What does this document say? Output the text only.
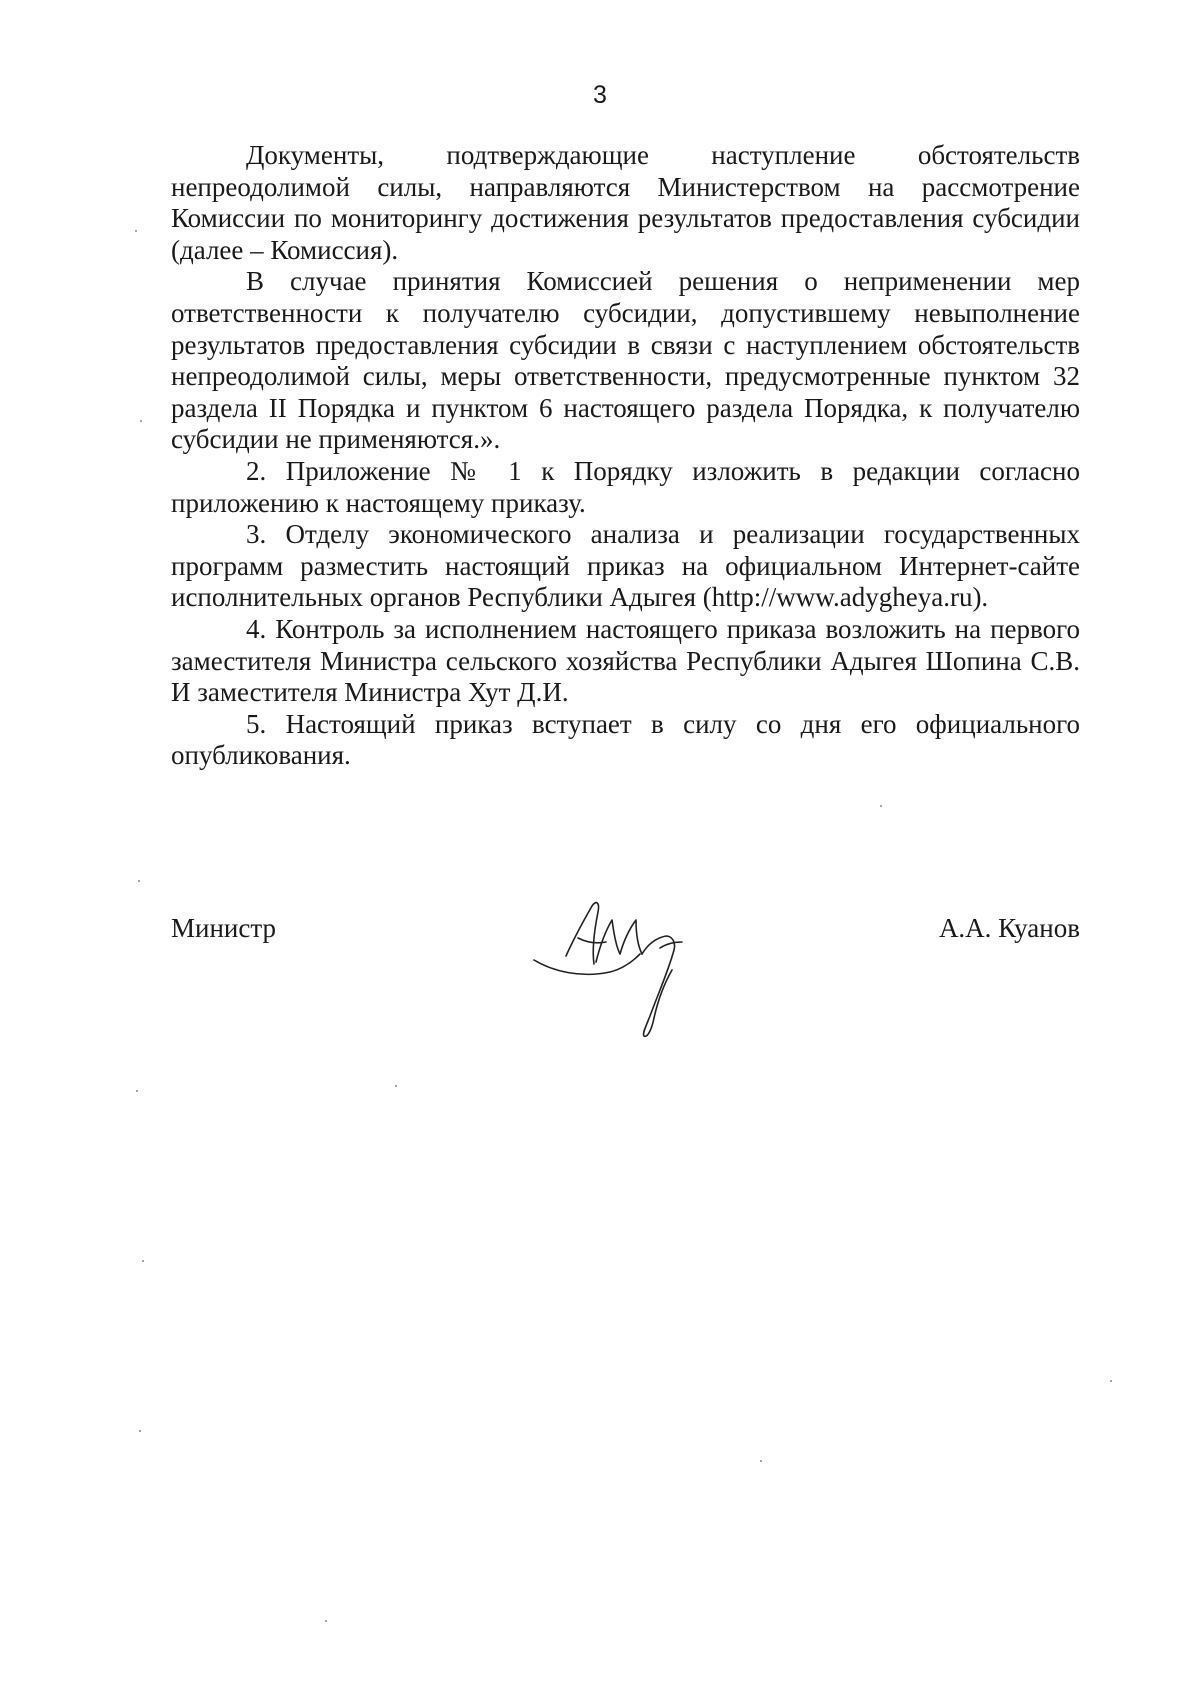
3

Документы, подтверждающие наступление обстоятельств непреодолимой силы, направляются Министерством на рассмотрение Комиссии по мониторингу достижения результатов предоставления субсидии (далее – Комиссия).

В случае принятия Комиссией решения о неприменении мер ответственности к получателю субсидии, допустившему невыполнение результатов предоставления субсидии в связи с наступлением обстоятельств непреодолимой силы, меры ответственности, предусмотренные пунктом 32 раздела II Порядка и пунктом 6 настоящего раздела Порядка, к получателю субсидии не применяются.».

2. Приложение № 1 к Порядку изложить в редакции согласно приложению к настоящему приказу.

3. Отделу экономического анализа и реализации государственных программ разместить настоящий приказ на официальном Интернет-сайте исполнительных органов Республики Адыгея (http://www.adygheya.ru).

4. Контроль за исполнением настоящего приказа возложить на первого заместителя Министра сельского хозяйства Республики Адыгея Шопина С.В. И заместителя Министра Хут Д.И.

5. Настоящий приказ вступает в силу со дня его официального опубликования.

Министр	А.А. Куанов
